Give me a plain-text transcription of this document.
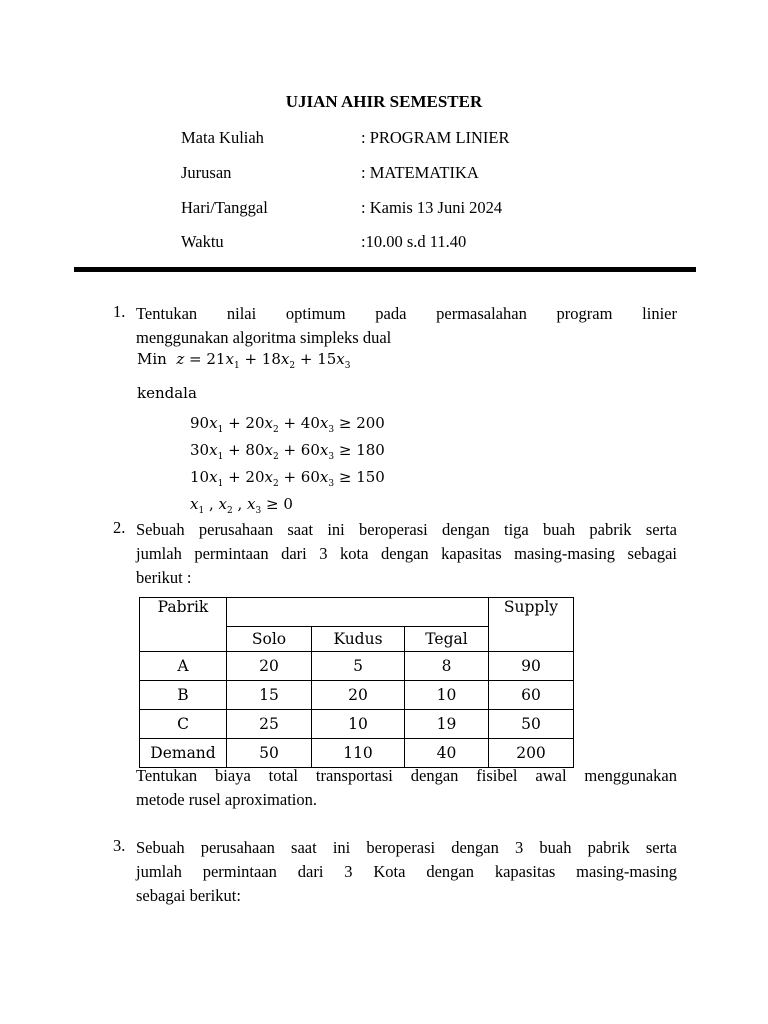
UJIAN AHIR SEMESTER
Mata Kuliah	: PROGRAM LINIER
Jurusan	: MATEMATIKA
Hari/Tanggal	: Kamis 13 Juni 2024
Waktu	:10.00 s.d 11.40
1. Tentukan nilai optimum pada permasalahan program linier
menggunakan algoritma simpleks dual
Min $z = 21x_1 + 18x_2 + 15x_3$
kendala
$90x_1 + 20x_2 + 40x_3 \ge 200$
$30x_1 + 80x_2 + 60x_3 \ge 180$
$10x_1 + 20x_2 + 60x_3 \ge 150$
$x_1$ , $x_2$ , $x_3 \ge 0$
2. Sebuah perusahaan saat ini beroperasi dengan tiga buah pabrik serta
jumlah permintaan dari 3 kota dengan kapasitas masing-masing sebagai
berikut :
Pabrik				Supply
	Solo	Kudus	Tegal	
A	20	5	8	90
B	15	20	10	60
C	25	10	19	50
Demand	50	110	40	200
Tentukan biaya total transportasi dengan fisibel awal menggunakan
metode rusel aproximation.
3. Sebuah perusahaan saat ini beroperasi dengan 3 buah pabrik serta
jumlah permintaan dari 3 Kota dengan kapasitas masing-masing
sebagai berikut:
